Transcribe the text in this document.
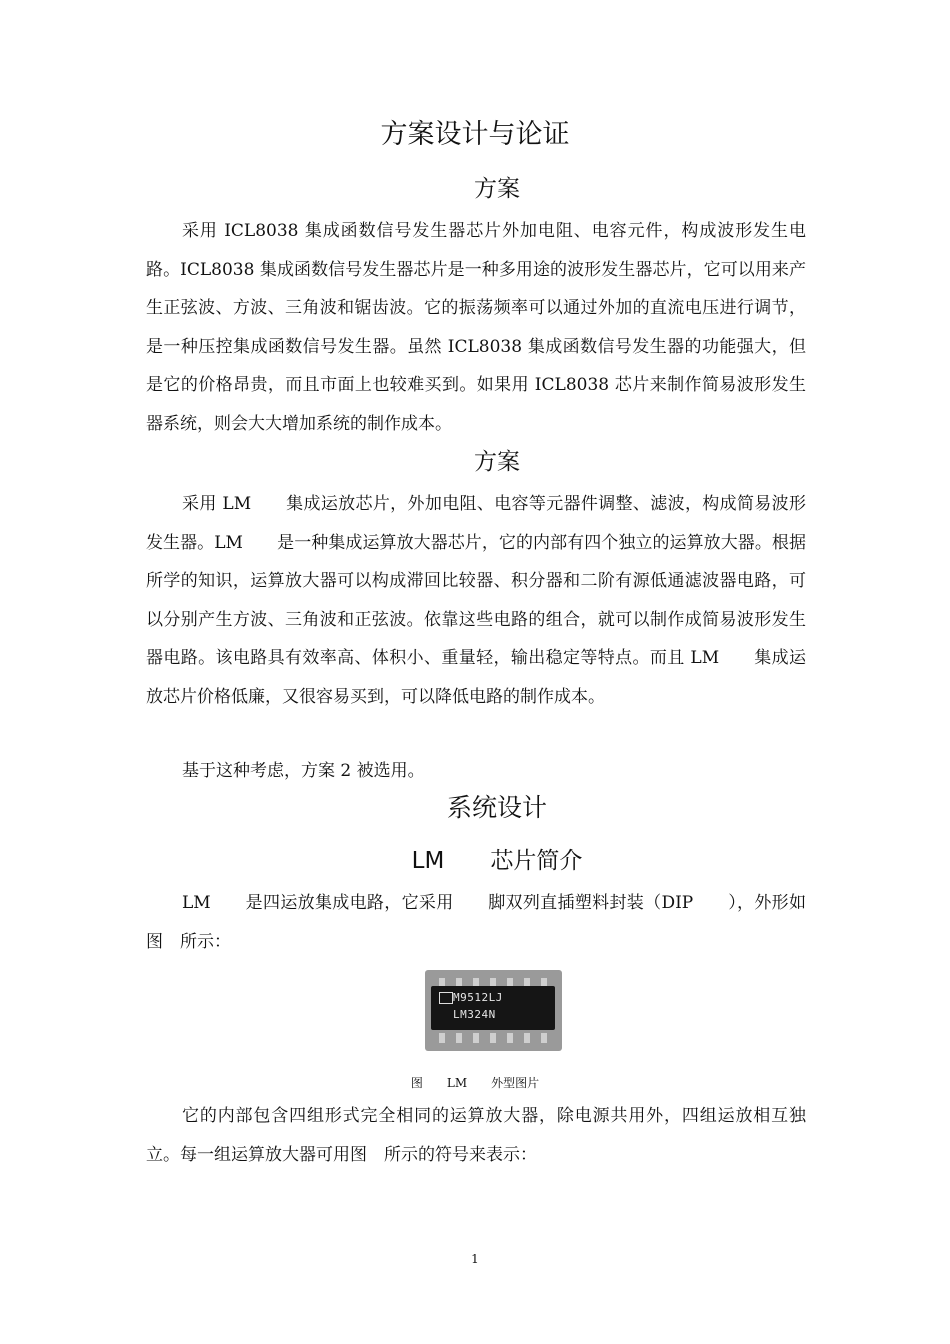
方案设计与论证
方案

采用 ICL8038 集成函数信号发生器芯片外加电阻、电容元件，构成波形发生电路。ICL8038 集成函数信号发生器芯片是一种多用途的波形发生器芯片，它可以用来产生正弦波、方波、三角波和锯齿波。它的振荡频率可以通过外加的直流电压进行调节，是一种压控集成函数信号发生器。虽然 ICL8038 集成函数信号发生器的功能强大，但是它的价格昂贵，而且市面上也较难买到。如果用 ICL8038 芯片来制作简易波形发生器系统，则会大大增加系统的制作成本。

方案

采用 LM　　集成运放芯片，外加电阻、电容等元器件调整、滤波，构成简易波形发生器。LM　　是一种集成运算放大器芯片，它的内部有四个独立的运算放大器。根据所学的知识，运算放大器可以构成滞回比较器、积分器和二阶有源低通滤波器电路，可以分别产生方波、三角波和正弦波。依靠这些电路的组合，就可以制作成简易波形发生器电路。该电路具有效率高、体积小、重量轻，输出稳定等特点。而且 LM　　集成运放芯片价格低廉，又很容易买到，可以降低电路的制作成本。

基于这种考虑，方案 2 被选用。
系统设计
LM　　芯片简介

LM　　是四运放集成电路，它采用　　脚双列直插塑料封装（DIP　　），外形如图　所示：

M9512LJ
LM324N
图　　LM　　外型图片

它的内部包含四组形式完全相同的运算放大器，除电源共用外，四组运放相互独立。每一组运算放大器可用图　所示的符号来表示：

1
